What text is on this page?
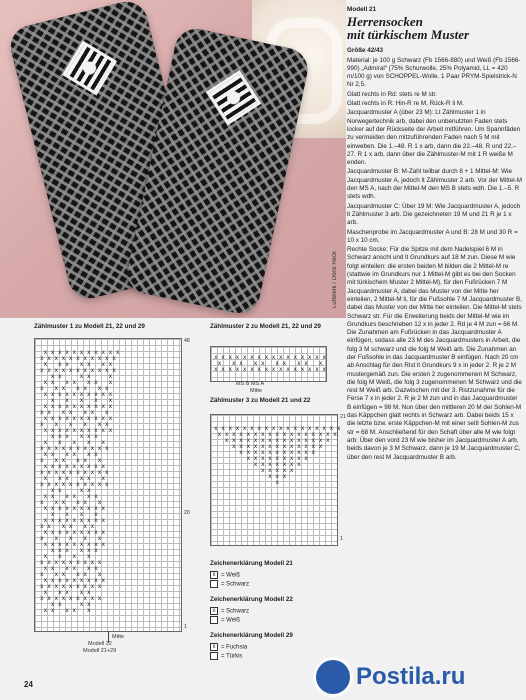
Luftwerk / Doris Heck
Modell 21
Herrensocken
mit türkischem Muster
Größe 42/43
Material: je 100 g Schwarz (Fb 1566-880) und Weiß (Fb 1566-990) „Admiral“ (75% Schurwolle, 25% Polyamid, LL = 420 m/100 g) von SCHOPPEL-Wolle. 1 Paar PRYM-Spielstrick-N Nr 2,5.
Glatt rechts in Rd: stets re M str.
Glatt rechts in R: Hin-R re M, Rück-R li M.
Jacquardmuster A (über 23 M): Lt Zählmuster 1 in Norwegertechnik arb, dabei den unbenutzten Faden stets locker auf der Rückseite der Arbeit mitführen. Um Spannfäden zu vermeiden den mitzuführenden Faden nach 5 M mit einweben. Die 1.–48. R 1 x arb, dann die 22.–48. R und 22.–27. R 1 x arb, dann über die Zählmuster-M mit 1 R weiße M enden.
Jacquardmuster B: M-Zahl teilbar durch 8 + 1 Mittel-M: Wie Jacquardmuster A, jedoch lt Zählmuster 2 arb. Vor der Mittel-M den MS A, nach der Mittel-M den MS B stets wdh. Die 1.–5. R stets wdh.
Jacquardmuster C: Über 19 M: Wie Jacquardmuster A, jedoch lt Zählmuster 3 arb. Die gezeichneten 19 M und 21 R je 1 x arb.
Maschenprobe im Jacquardmuster A und B: 28 M und 30 R = 10 x 10 cm.
Rechte Socke: Für die Spitze mit dem Nadelspiel 6 M in Schwarz anschl und lt Grundkurs auf 18 M zun. Diese M wie folgt einteilen: die ersten beiden M bilden die 2 Mittel-M re (stattwie im Grundkurs nur 1 Mittel-M gibt es bei den Socken mit türkischem Muster 2 Mittel-M), für den Fußrücken 7 M Jacquardmuster A, dabei das Muster von der Mitte her einteilen, 2 Mittel-M li, für die Fußsohle 7 M Jacquardmuster B, dabei das Muster von der Mitte her einteilen. Die Mittel-M stets Schwarz str. Für die Erweiterung beids der Mittel-M wie im Grundkurs beschrieben 12 x in jeder 2. Rd je 4 M zun = 66 M. Die Zunahmen am Fußrücken in das Jacquardmuster A einfügen, sodass alle 23 M des Jacquardmusters in Arbeit, die folg 3 M schwarz und die folg M Weiß arb. Die Zunahmen an der Fußsohle in das Jacquardmuster B einfügen. Nach 20 cm ab Anschlag für den Rist lt Grundkurs 9 x in jeder 2. R je 2 M mustergemäß zun. Die ersten 2 zugenommenen M Schwarz, die folg M Weiß, die folg 3 zugenommenen M Schwarz und die rest M Weiß arb. Dazwischen mit der 3. Ristzunahme für die Ferse 7 x in jeder 2. R je 2 M zun und in das Jacquardmuster B einfügen = 98 M. Nun über den mittleren 20 M der Sohlen-M das Käppchen glatt rechts in Schwarz arb. Dabei beids 15 x die letzte bzw. erste Käppchen-M mit einer seitl Sohlen-M zus str = 68 M. Anschließend für den Schaft über alle M wie folgt arb: Über den vord 23 M wie bisher im Jacquardmuster A arb, beids davon je 3 M Schwarz, dann je 19 M Jacquardmuster C, über den rest M Jacquardmuster B arb.
Zählmuster 1 zu Modell 21, 22 und 29	Zählmuster 2 zu Modell 21, 22 und 29
Zählmuster 3 zu Modell 21 und 22

x x x x x x x x x x x
x x x x x x x x x x x
x   x x   x x   x x
x x x x x x x x x x x
x x     x x     x
x x   x x   x x   x
x   x x   x x   x x
x x x x x x x x x x
x   x   x   x   x
x x x x x x x x x x
x x   x x   x x   x
x x x x x x x x x x
x   x   x   x   x x
x x x x x x x x x x
x x x   x x x
x   x   x   x   x
x x x x x x x x x x
x x   x x   x x
x   x x   x x   x
x x x x x x x x x
x x x x x x x x x x
x   x x   x x   x
x x x x x x x x x x
x x     x x
x x   x x   x x
x   x x   x x   x
x x x x x x x x x
x   x   x   x
x x x x x x x x x
x x   x x   x x
x x x x x x x x x
x   x   x   x   x
x x x x x x x x x
x x x   x x x
x   x   x   x
x x x x x x x x x
x x   x x   x x
x   x x   x x   x
x x x x x x x x x
x x x x x x x x x
x   x x   x x
x x x x x x x x x
x x     x x
x x   x x   x

48
20
1
Mitte
Modell 22
Modell 21+29

x x x x x x x x x x x x x x x x
x   x x   x x   x x   x x   x
x x x x x x x x x x x x x x x x

MS B MS A
Mitte

x x x x x x x x x x x x x x x x x x
x x x x x x x x x x x x x x x x x
x x x x x x x x x x x x x x x
x x x x x x x x x x x x x
x x x x x x x x x x x
x x x x x x x x x
x x x x x x x
x x x x x
x x x
x

21
1
Zeichenerklärung Modell 21
x = Weiß
= Schwarz
Zeichenerklärung Modell 22
x = Schwarz
= Weiß
Zeichenerklärung Modell 29
x = Fuchsia
= Türkis
24	Postila.ru
